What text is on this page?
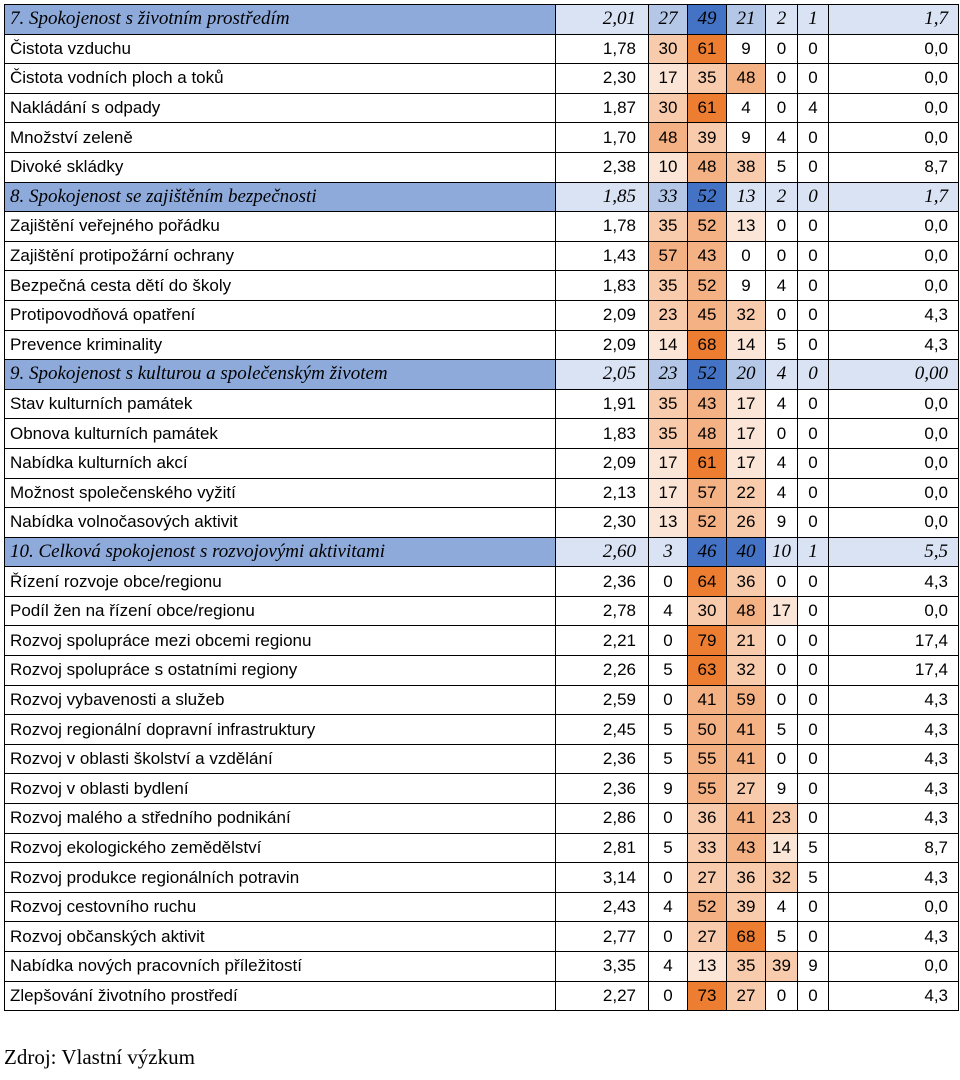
7. Spokojenost s životním prostředím	2,01	27	49	21	2	1	1,7
Čistota vzduchu	1,78	30	61	9	0	0	0,0
Čistota vodních ploch a toků	2,30	17	35	48	0	0	0,0
Nakládání s odpady	1,87	30	61	4	0	4	0,0
Množství zeleně	1,70	48	39	9	4	0	0,0
Divoké skládky	2,38	10	48	38	5	0	8,7
8. Spokojenost se zajištěním bezpečnosti	1,85	33	52	13	2	0	1,7
Zajištění veřejného pořádku	1,78	35	52	13	0	0	0,0
Zajištění protipožární ochrany	1,43	57	43	0	0	0	0,0
Bezpečná cesta dětí do školy	1,83	35	52	9	4	0	0,0
Protipovodňová opatření	2,09	23	45	32	0	0	4,3
Prevence kriminality	2,09	14	68	14	5	0	4,3
9. Spokojenost s kulturou a společenským životem	2,05	23	52	20	4	0	0,00
Stav kulturních památek	1,91	35	43	17	4	0	0,0
Obnova kulturních památek	1,83	35	48	17	0	0	0,0
Nabídka kulturních akcí	2,09	17	61	17	4	0	0,0
Možnost společenského vyžití	2,13	17	57	22	4	0	0,0
Nabídka volnočasových aktivit	2,30	13	52	26	9	0	0,0
10. Celková spokojenost s rozvojovými aktivitami	2,60	3	46	40	10	1	5,5
Řízení rozvoje obce/regionu	2,36	0	64	36	0	0	4,3
Podíl žen na řízení obce/regionu	2,78	4	30	48	17	0	0,0
Rozvoj spolupráce mezi obcemi regionu	2,21	0	79	21	0	0	17,4
Rozvoj spolupráce s ostatními regiony	2,26	5	63	32	0	0	17,4
Rozvoj vybavenosti a služeb	2,59	0	41	59	0	0	4,3
Rozvoj regionální dopravní infrastruktury	2,45	5	50	41	5	0	4,3
Rozvoj v oblasti školství a vzdělání	2,36	5	55	41	0	0	4,3
Rozvoj v oblasti bydlení	2,36	9	55	27	9	0	4,3
Rozvoj malého a středního podnikání	2,86	0	36	41	23	0	4,3
Rozvoj ekologického zemědělství	2,81	5	33	43	14	5	8,7
Rozvoj produkce regionálních potravin	3,14	0	27	36	32	5	4,3
Rozvoj cestovního ruchu	2,43	4	52	39	4	0	0,0
Rozvoj občanských aktivit	2,77	0	27	68	5	0	4,3
Nabídka nových pracovních příležitostí	3,35	4	13	35	39	9	0,0
Zlepšování životního prostředí	2,27	0	73	27	0	0	4,3
Zdroj: Vlastní výzkum
